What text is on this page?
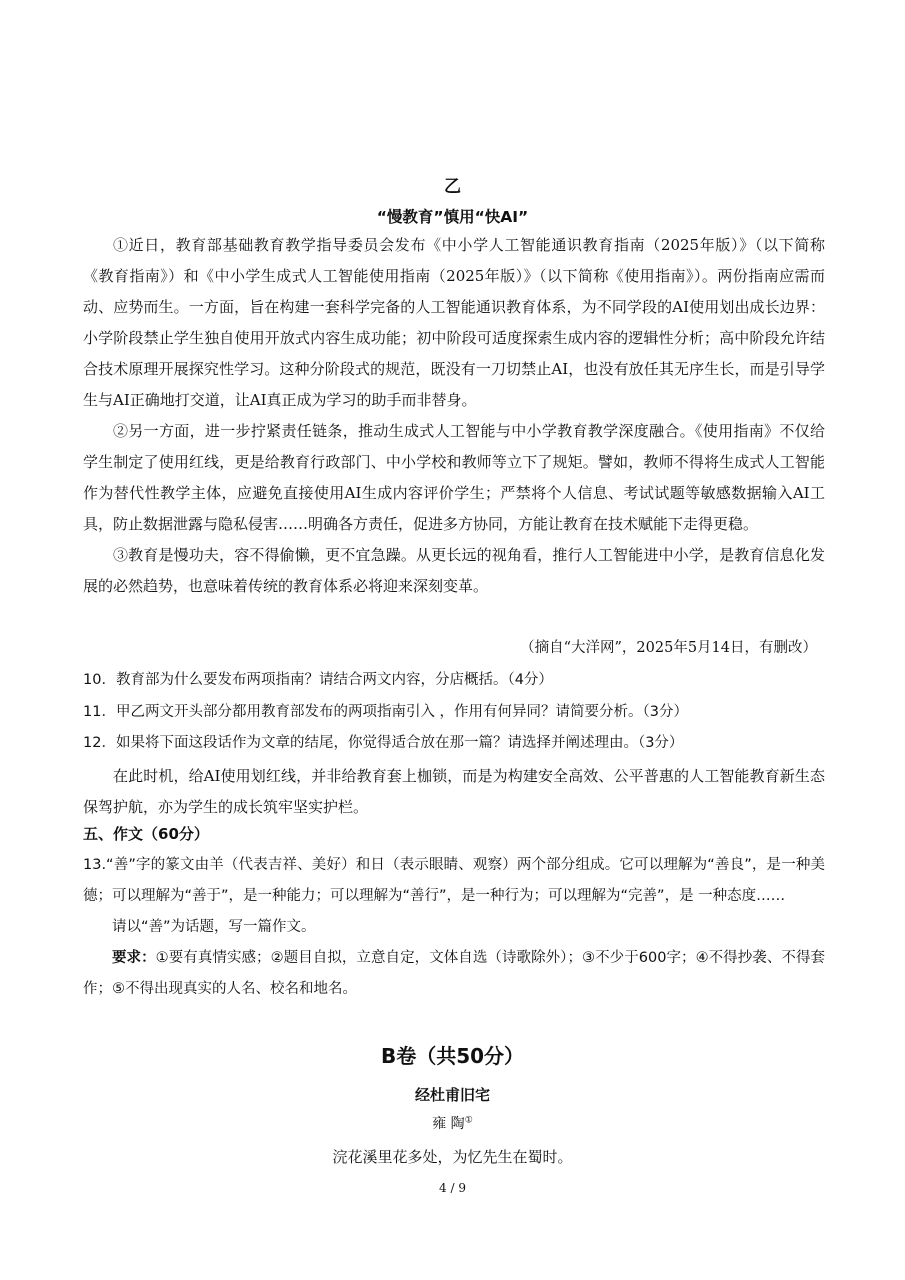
乙
“慢教育”慎用“快AI”

①近日，教育部基础教育教学指导委员会发布《中小学人工智能通识教育指南（2025年版）》（以下简称《教育指南》）和《中小学生成式人工智能使用指南（2025年版）》（以下简称《使用指南》）。两份指南应需而动、应势而生。一方面，旨在构建一套科学完备的人工智能通识教育体系，为不同学段的AI使用划出成长边界：小学阶段禁止学生独自使用开放式内容生成功能；初中阶段可适度探索生成内容的逻辑性分析；高中阶段允许结合技术原理开展探究性学习。这种分阶段式的规范，既没有一刀切禁止AI，也没有放任其无序生长，而是引导学生与AI正确地打交道，让AI真正成为学习的助手而非替身。

②另一方面，进一步拧紧责任链条，推动生成式人工智能与中小学教育教学深度融合。《使用指南》不仅给学生制定了使用红线，更是给教育行政部门、中小学校和教师等立下了规矩。譬如，教师不得将生成式人工智能作为替代性教学主体，应避免直接使用AI生成内容评价学生；严禁将个人信息、考试试题等敏感数据输入AI工具，防止数据泄露与隐私侵害……明确各方责任，促进多方协同，方能让教育在技术赋能下走得更稳。

③教育是慢功夫，容不得偷懒，更不宜急躁。从更长远的视角看，推行人工智能进中小学，是教育信息化发展的必然趋势，也意味着传统的教育体系必将迎来深刻变革。

（摘自“大洋网”，2025年5月14日，有删改）
10．教育部为什么要发布两项指南？请结合两文内容，分店概括。（4分）
11．甲乙两文开头部分都用教育部发布的两项指南引入 ，作用有何异同？请简要分析。（3分）
12．如果将下面这段话作为文章的结尾，你觉得适合放在那一篇？请选择并阐述理由。（3分）

在此时机，给AI使用划红线，并非给教育套上枷锁，而是为构建安全高效、公平普惠的人工智能教育新生态保驾护航，亦为学生的成长筑牢坚实护栏。

五、作文（60分）

13.“善”字的篆文由羊（代表吉祥、美好）和日（表示眼睛、观察）两个部分组成。它可以理解为“善良”，是一种美德；可以理解为“善于”，是一种能力；可以理解为“善行”，是一种行为；可以理解为“完善”，是 一种态度……

请以“善”为话题，写一篇作文。

要求：①要有真情实感；②题目自拟，立意自定，文体自选（诗歌除外）；③不少于600字；④不得抄袭、不得套作；⑤不得出现真实的人名、校名和地名。

B卷（共50分）
经杜甫旧宅
雍 陶①
浣花溪里花多处，为忆先生在蜀时。
4 / 9
